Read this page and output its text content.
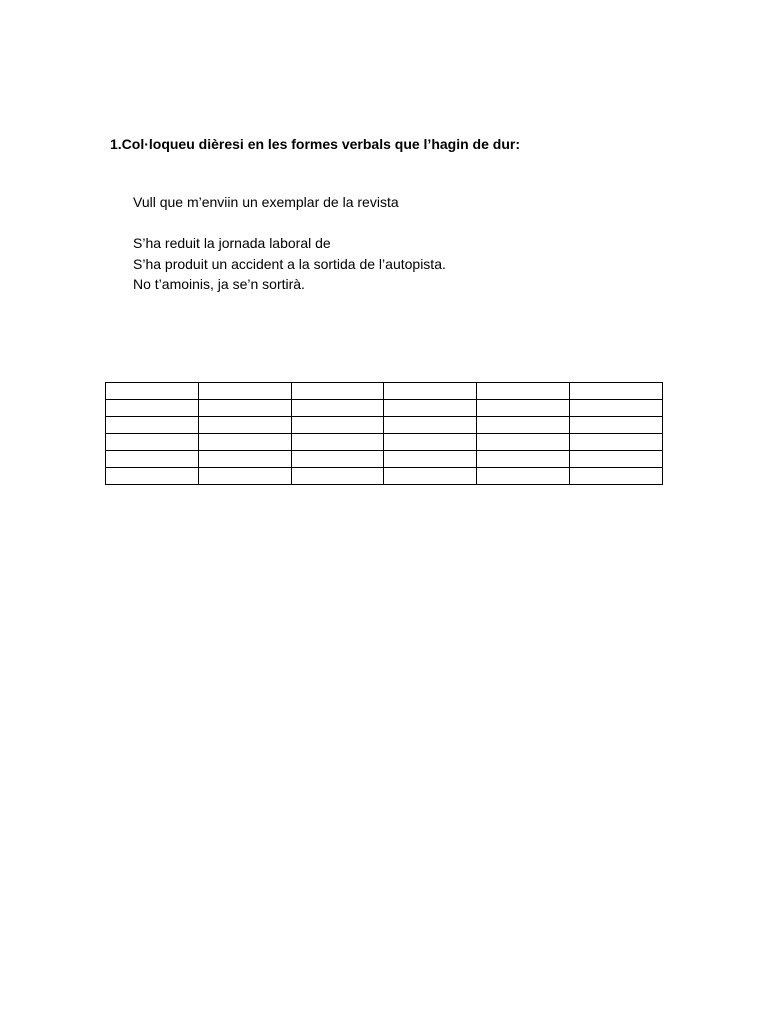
1.Col·loqueu dièresi en les formes verbals que l’hagin de dur:
Vull que m’enviin un exemplar de la revista
S’ha reduit la jornada laboral de
S’ha produit un accident a la sortida de l’autopista.
No t’amoinis, ja se’n sortirà.
